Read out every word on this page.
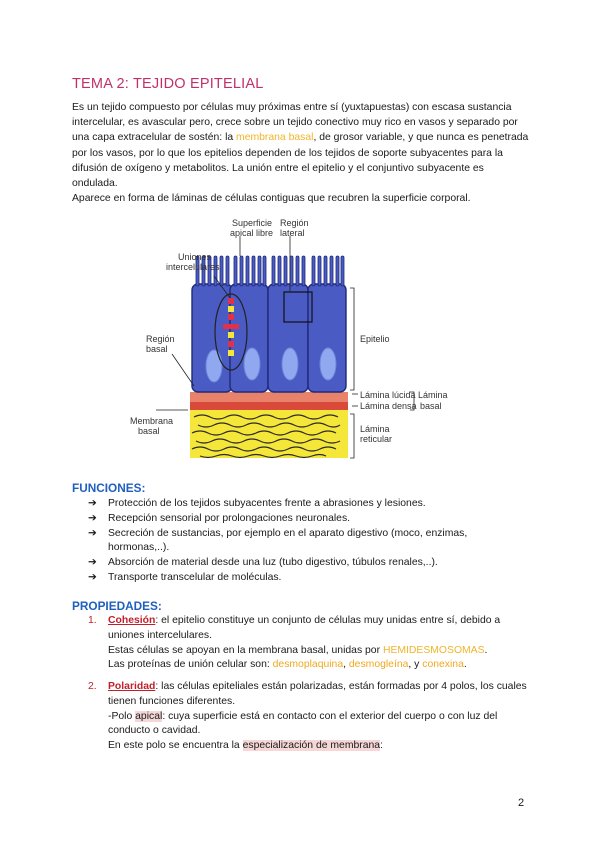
TEMA 2: TEJIDO EPITELIAL

Es un tejido compuesto por células muy próximas entre sí (yuxtapuestas) con escasa sustancia intercelular, es avascular pero, crece sobre un tejido conectivo muy rico en vasos y separado por una capa extracelular de sostén: la membrana basal, de grosor variable, y que nunca es penetrada por los vasos, por lo que los epitelios dependen de los tejidos de soporte subyacentes para la difusión de oxígeno y metabolitos. La unión entre el epitelio y el conjuntivo subyacente es ondulada.

Aparece en forma de láminas de células contiguas que recubren la superficie corporal.

Superficie
apical libre
Región
lateral
Uniones
intercelulares
Epitelio
Región
basal
Lámina lúcida
Lámina densa
Lámina
basal
Membrana
basal	Lámina
reticular
FUNCIONES:
➔ Protección de los tejidos subyacentes frente a abrasiones y lesiones.
➔ Recepción sensorial por prolongaciones neuronales.
➔ Secreción de sustancias, por ejemplo en el aparato digestivo (moco, enzimas, hormonas,..).
➔ Absorción de material desde una luz (tubo digestivo, túbulos renales,..).
➔ Transporte transcelular de moléculas.
PROPIEDADES:
1. Cohesión: el epitelio constituye un conjunto de células muy unidas entre sí, debido a uniones intercelulares.
Estas células se apoyan en la membrana basal, unidas por HEMIDESMOSOMAS.
Las proteínas de unión celular son: desmoplaquina, desmogleína, y conexina.
2. Polaridad: las células epiteliales están polarizadas, están formadas por 4 polos, los cuales tienen funciones diferentes.
-Polo apical: cuya superficie está en contacto con el exterior del cuerpo o con luz del conducto o cavidad.
En este polo se encuentra la especialización de membrana:
2
